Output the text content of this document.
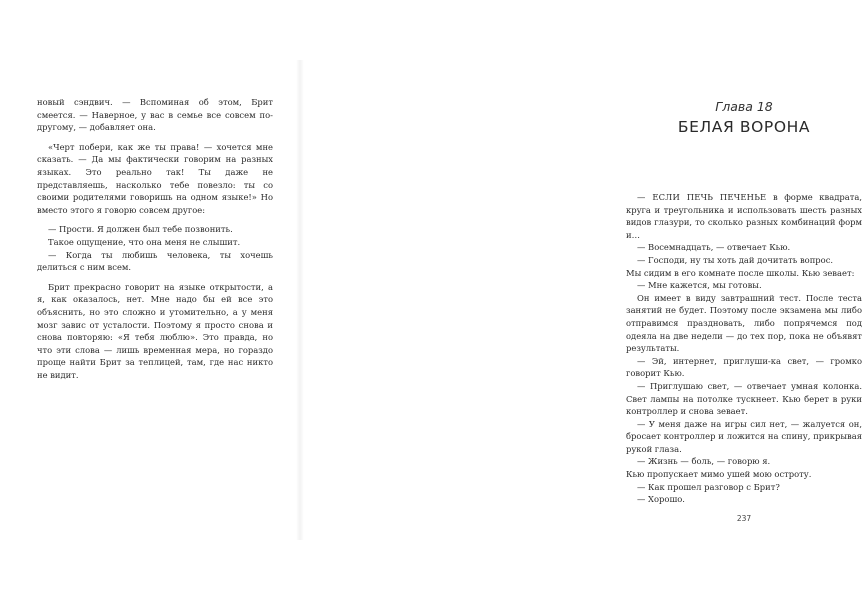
новый сэндвич. — Вспоминая об этом, Брит смеется. — Наверное, у вас в семье все совсем по-другому, — добавляет она.

«Черт побери, как же ты права! — хочется мне сказать. — Да мы фактически говорим на разных языках. Это реально так! Ты даже не представляешь, насколько тебе повезло: ты со своими родителями говоришь на одном языке!» Но вместо этого я говорю совсем другое:

— Прости. Я должен был тебе позвонить.

Такое ощущение, что она меня не слышит.

— Когда ты любишь человека, ты хочешь делиться с ним всем.

Брит прекрасно говорит на языке открытости, а я, как оказалось, нет. Мне надо бы ей все это объяснить, но это сложно и утомительно, а у меня мозг завис от усталости. Поэтому я просто снова и снова повторяю: «Я тебя люблю». Это правда, но что эти слова — лишь временная мера, но гораздо проще найти Брит за теплицей, там, где нас никто не видит.

Глава 18
БЕЛАЯ ВОРОНА

— ЕСЛИ ПЕЧЬ ПЕЧЕНЬЕ в форме квадрата, круга и треугольника и использовать шесть разных видов глазури, то сколько разных комбинаций форм и…

— Восемнадцать, — отвечает Кью.

— Господи, ну ты хоть дай дочитать вопрос.

Мы сидим в его комнате после школы. Кью зевает:

— Мне кажется, мы готовы.

Он имеет в виду завтрашний тест. После теста занятий не будет. Поэтому после экзамена мы либо отправимся праздновать, либо попрячемся под одеяла на две недели — до тех пор, пока не объявят результаты.

— Эй, интернет, приглуши-ка свет, — громко говорит Кью.

— Приглушаю свет, — отвечает умная колонка. Свет лампы на потолке тускнеет. Кью берет в руки контроллер и снова зевает.

— У меня даже на игры сил нет, — жалуется он, бросает контроллер и ложится на спину, прикрывая рукой глаза.

— Жизнь — боль, — говорю я.

Кью пропускает мимо ушей мою остроту.

— Как прошел разговор с Брит?

— Хорошо.

237
